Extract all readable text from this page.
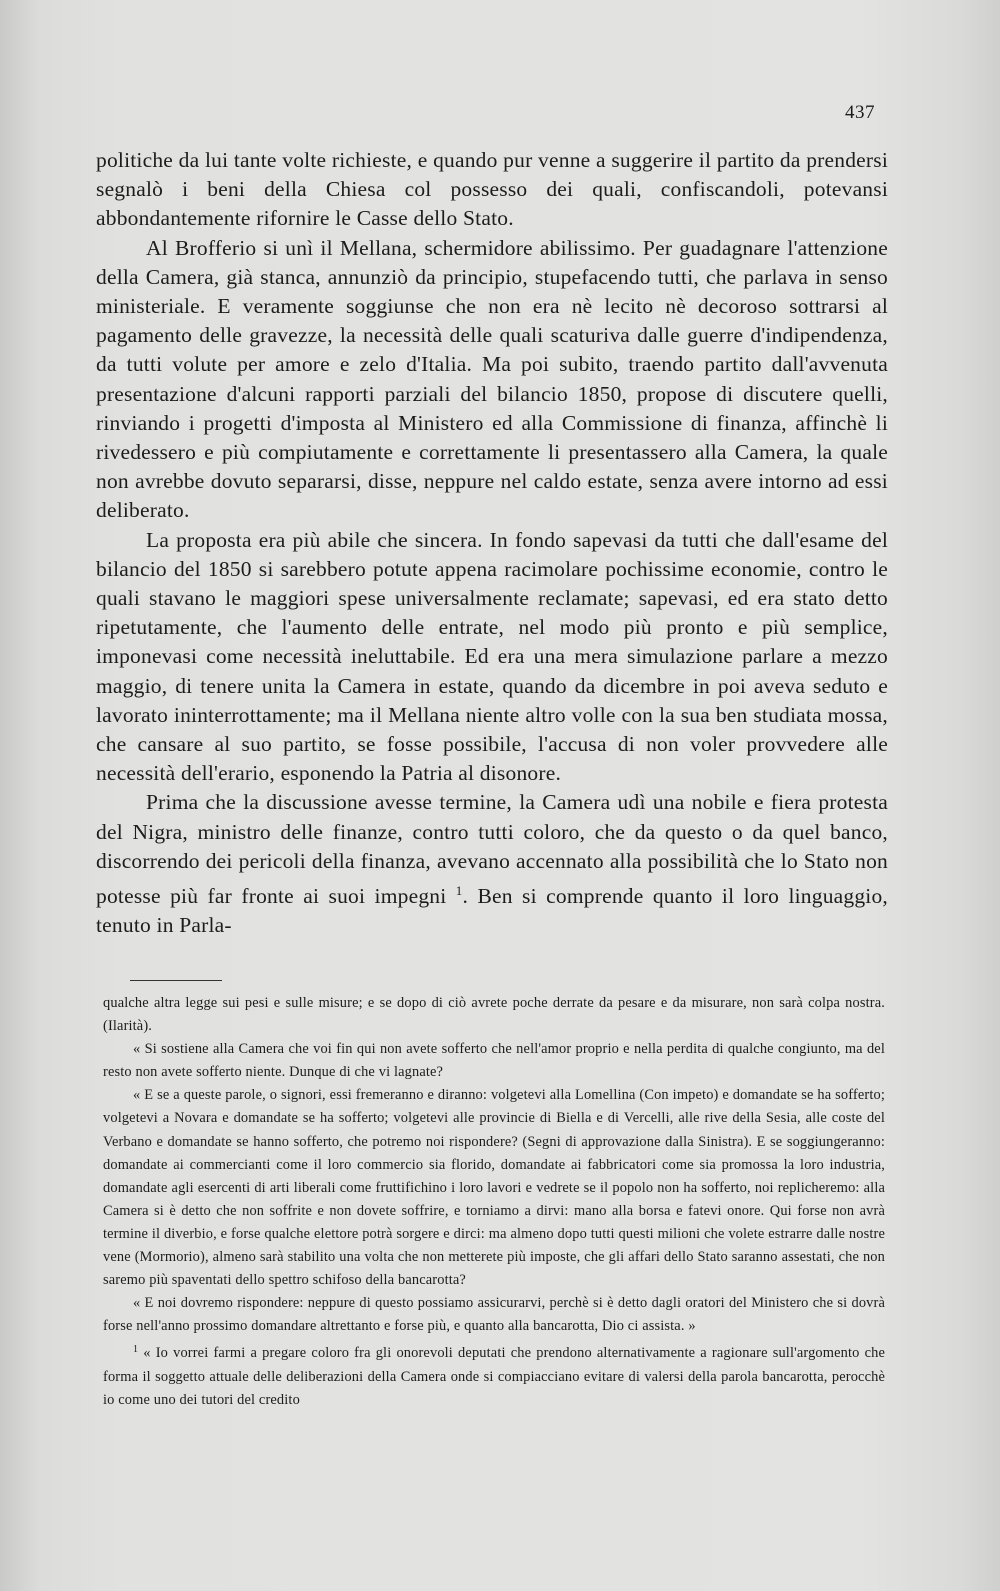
437

politiche da lui tante volte richieste, e quando pur venne a suggerire il partito da prendersi segnalò i beni della Chiesa col possesso dei quali, confiscandoli, potevansi abbondantemente rifornire le Casse dello Stato.

Al Brofferio si unì il Mellana, schermidore abilissimo. Per guadagnare l'attenzione della Camera, già stanca, annunziò da principio, stupefacendo tutti, che parlava in senso ministeriale. E veramente soggiunse che non era nè lecito nè decoroso sottrarsi al pagamento delle gravezze, la necessità delle quali scaturiva dalle guerre d'indipendenza, da tutti volute per amore e zelo d'Italia. Ma poi subito, traendo partito dall'avvenuta presentazione d'alcuni rapporti parziali del bilancio 1850, propose di discutere quelli, rinviando i progetti d'imposta al Ministero ed alla Commissione di finanza, affinchè li rivedessero e più compiutamente e correttamente li presentassero alla Camera, la quale non avrebbe dovuto separarsi, disse, neppure nel caldo estate, senza avere intorno ad essi deliberato.

La proposta era più abile che sincera. In fondo sapevasi da tutti che dall'esame del bilancio del 1850 si sarebbero potute appena racimolare pochissime economie, contro le quali stavano le maggiori spese universalmente reclamate; sapevasi, ed era stato detto ripetutamente, che l'aumento delle entrate, nel modo più pronto e più semplice, imponevasi come necessità ineluttabile. Ed era una mera simulazione parlare a mezzo maggio, di tenere unita la Camera in estate, quando da dicembre in poi aveva seduto e lavorato ininterrottamente; ma il Mellana niente altro volle con la sua ben studiata mossa, che cansare al suo partito, se fosse possibile, l'accusa di non voler provvedere alle necessità dell'erario, esponendo la Patria al disonore.

Prima che la discussione avesse termine, la Camera udì una nobile e fiera protesta del Nigra, ministro delle finanze, contro tutti coloro, che da questo o da quel banco, discorrendo dei pericoli della finanza, avevano accennato alla possibilità che lo Stato non potesse più far fronte ai suoi impegni $^1$. Ben si comprende quanto il loro linguaggio, tenuto in Parla-

qualche altra legge sui pesi e sulle misure; e se dopo di ciò avrete poche derrate da pesare e da misurare, non sarà colpa nostra. (Ilarità).

« Si sostiene alla Camera che voi fin qui non avete sofferto che nell'amor proprio e nella perdita di qualche congiunto, ma del resto non avete sofferto niente. Dunque di che vi lagnate?

« E se a queste parole, o signori, essi fremeranno e diranno: volgetevi alla Lomellina (Con impeto) e domandate se ha sofferto; volgetevi a Novara e domandate se ha sofferto; volgetevi alle provincie di Biella e di Vercelli, alle rive della Sesia, alle coste del Verbano e domandate se hanno sofferto, che potremo noi rispondere? (Segni di approvazione dalla Sinistra). E se soggiungeranno: domandate ai commercianti come il loro commercio sia florido, domandate ai fabbricatori come sia promossa la loro industria, domandate agli esercenti di arti liberali come fruttifichino i loro lavori e vedrete se il popolo non ha sofferto, noi replicheremo: alla Camera si è detto che non soffrite e non dovete soffrire, e torniamo a dirvi: mano alla borsa e fatevi onore. Qui forse non avrà termine il diverbio, e forse qualche elettore potrà sorgere e dirci: ma almeno dopo tutti questi milioni che volete estrarre dalle nostre vene (Mormorio), almeno sarà stabilito una volta che non metterete più imposte, che gli affari dello Stato saranno assestati, che non saremo più spaventati dello spettro schifoso della bancarotta?

« E noi dovremo rispondere: neppure di questo possiamo assicurarvi, perchè si è detto dagli oratori del Ministero che si dovrà forse nell'anno prossimo domandare altrettanto e forse più, e quanto alla bancarotta, Dio ci assista. »

$^1$ « Io vorrei farmi a pregare coloro fra gli onorevoli deputati che prendono alternativamente a ragionare sull'argomento che forma il soggetto attuale delle deliberazioni della Camera onde si compiacciano evitare di valersi della parola bancarotta, perocchè io come uno dei tutori del credito
